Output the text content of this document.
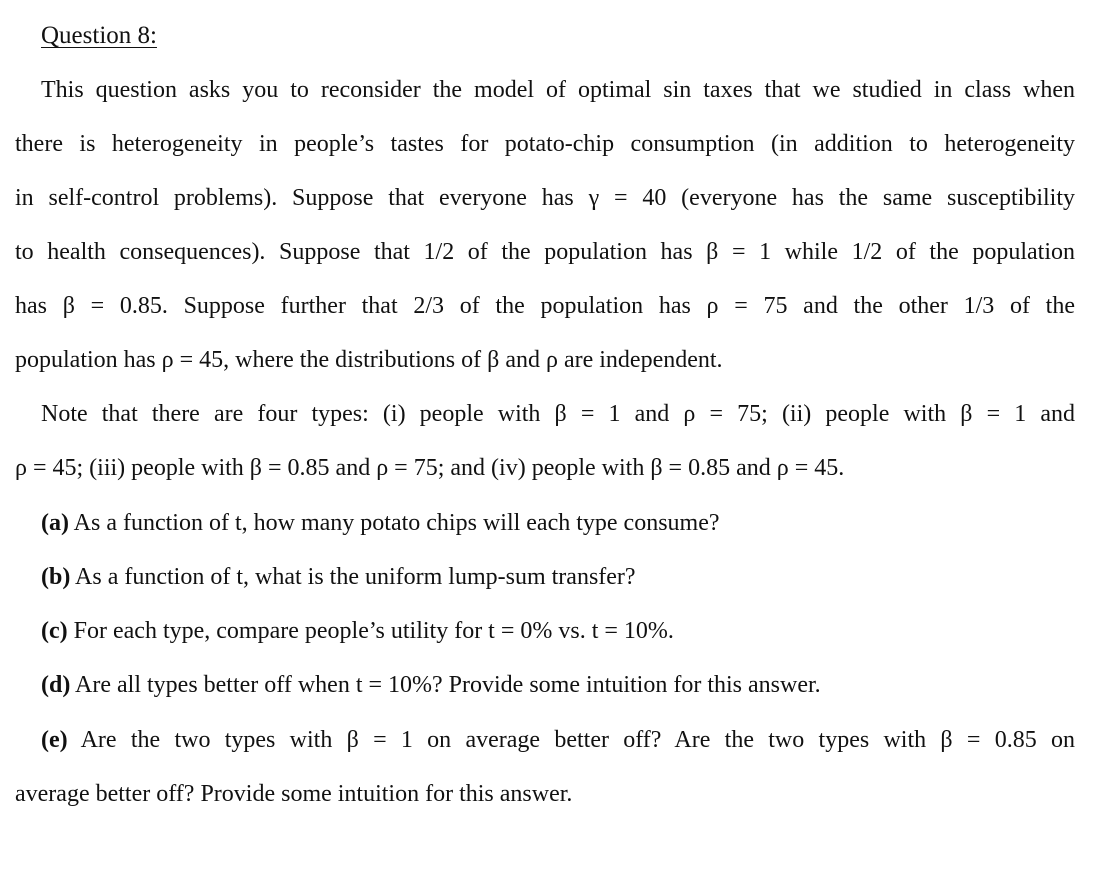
Question 8:
This question asks you to reconsider the model of optimal sin taxes that we studied in class when
there is heterogeneity in people’s tastes for potato-chip consumption (in addition to heterogeneity
in self-control problems). Suppose that everyone has γ = 40 (everyone has the same susceptibility
to health consequences). Suppose that 1/2 of the population has β = 1 while 1/2 of the population
has β = 0.85. Suppose further that 2/3 of the population has ρ = 75 and the other 1/3 of the
population has ρ = 45, where the distributions of β and ρ are independent.
Note that there are four types: (i) people with β = 1 and ρ = 75; (ii) people with β = 1 and
ρ = 45; (iii) people with β = 0.85 and ρ = 75; and (iv) people with β = 0.85 and ρ = 45.
(a) As a function of t, how many potato chips will each type consume?
(b) As a function of t, what is the uniform lump-sum transfer?
(c) For each type, compare people’s utility for t = 0% vs. t = 10%.
(d) Are all types better off when t = 10%? Provide some intuition for this answer.
(e) Are the two types with β = 1 on average better off? Are the two types with β = 0.85 on
average better off? Provide some intuition for this answer.
